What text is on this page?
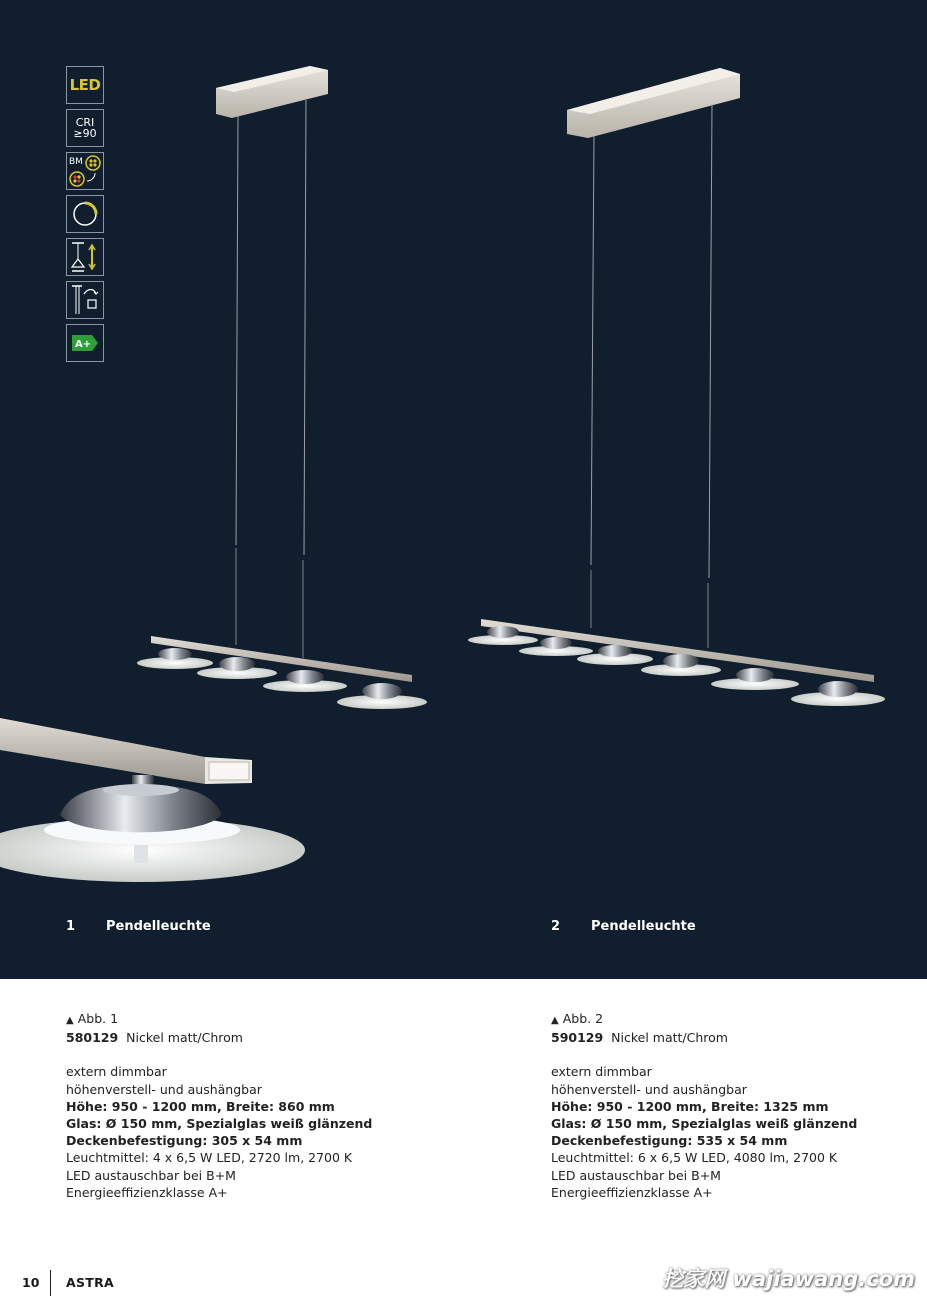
LED
CRI
≥90
BM
A+
1 Pendelleuchte	2 Pendelleuchte
▲ Abb. 1
580129 Nickel matt/Chrom
extern dimmbar
höhenverstell- und aushängbar
Höhe: 950 - 1200 mm, Breite: 860 mm
Glas: Ø 150 mm, Spezialglas weiß glänzend
Deckenbefestigung: 305 x 54 mm
Leuchtmittel: 4 x 6,5 W LED, 2720 lm, 2700 K
LED austauschbar bei B+M
Energieeffizienzklasse A+
▲ Abb. 2
590129 Nickel matt/Chrom
extern dimmbar
höhenverstell- und aushängbar
Höhe: 950 - 1200 mm, Breite: 1325 mm
Glas: Ø 150 mm, Spezialglas weiß glänzend
Deckenbefestigung: 535 x 54 mm
Leuchtmittel: 6 x 6,5 W LED, 4080 lm, 2700 K
LED austauschbar bei B+M
Energieeffizienzklasse A+
10 ASTRA	挖家网 wajiawang.com
